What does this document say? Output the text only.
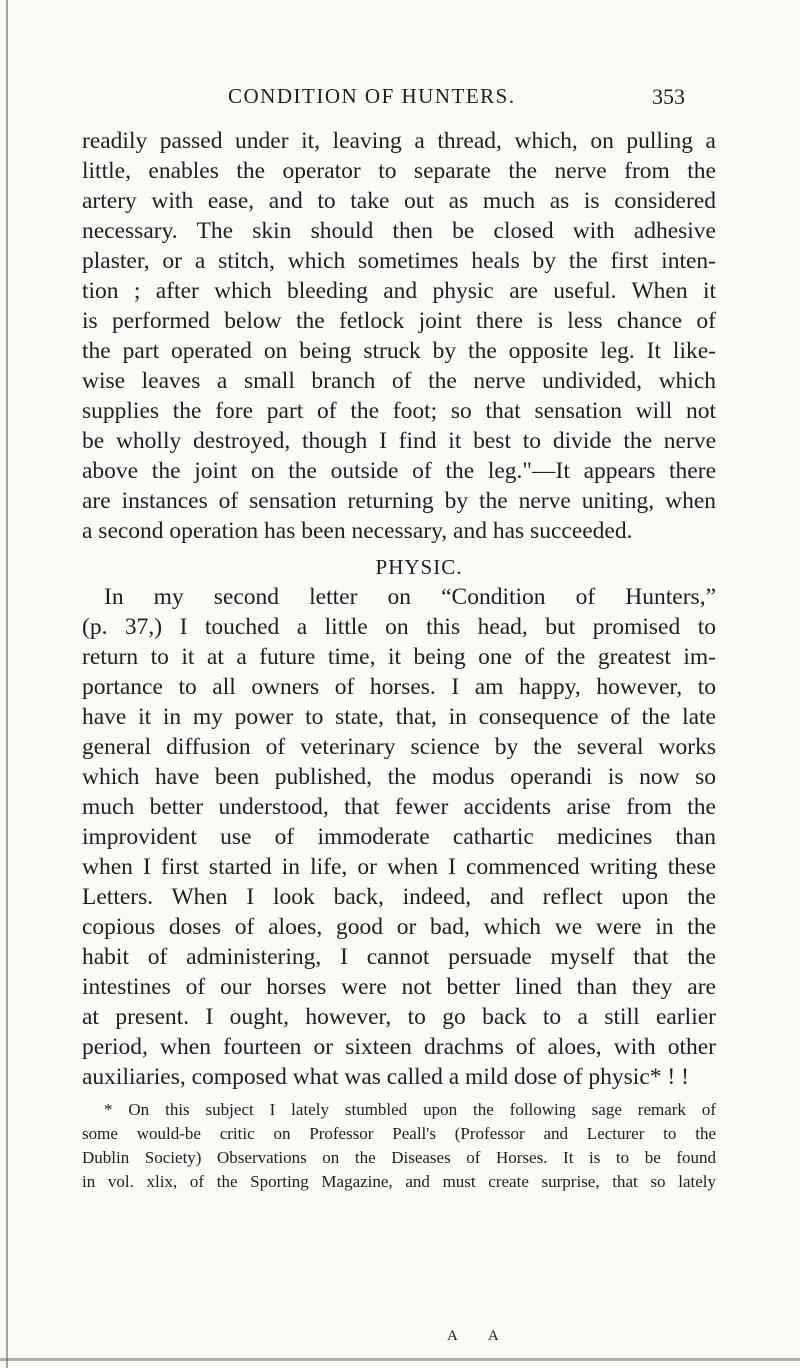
CONDITION OF HUNTERS.	353
readily passed under it, leaving a thread, which, on pulling a
little, enables the operator to separate the nerve from the
artery with ease, and to take out as much as is considered
necessary. The skin should then be closed with adhesive
plaster, or a stitch, which sometimes heals by the first inten-
tion ; after which bleeding and physic are useful. When it
is performed below the fetlock joint there is less chance of
the part operated on being struck by the opposite leg. It like-
wise leaves a small branch of the nerve undivided, which
supplies the fore part of the foot; so that sensation will not
be wholly destroyed, though I find it best to divide the nerve
above the joint on the outside of the leg."—It appears there
are instances of sensation returning by the nerve uniting, when
a second operation has been necessary, and has succeeded.
PHYSIC.
In my second letter on “Condition of Hunters,”
(p. 37,) I touched a little on this head, but promised to
return to it at a future time, it being one of the greatest im-
portance to all owners of horses. I am happy, however, to
have it in my power to state, that, in consequence of the late
general diffusion of veterinary science by the several works
which have been published, the modus operandi is now so
much better understood, that fewer accidents arise from the
improvident use of immoderate cathartic medicines than
when I first started in life, or when I commenced writing these
Letters. When I look back, indeed, and reflect upon the
copious doses of aloes, good or bad, which we were in the
habit of administering, I cannot persuade myself that the
intestines of our horses were not better lined than they are
at present. I ought, however, to go back to a still earlier
period, when fourteen or sixteen drachms of aloes, with other
auxiliaries, composed what was called a mild dose of physic* ! !
* On this subject I lately stumbled upon the following sage remark of
some would-be critic on Professor Peall's (Professor and Lecturer to the
Dublin Society) Observations on the Diseases of Horses. It is to be found
in vol. xlix, of the Sporting Magazine, and must create surprise, that so lately
A A
